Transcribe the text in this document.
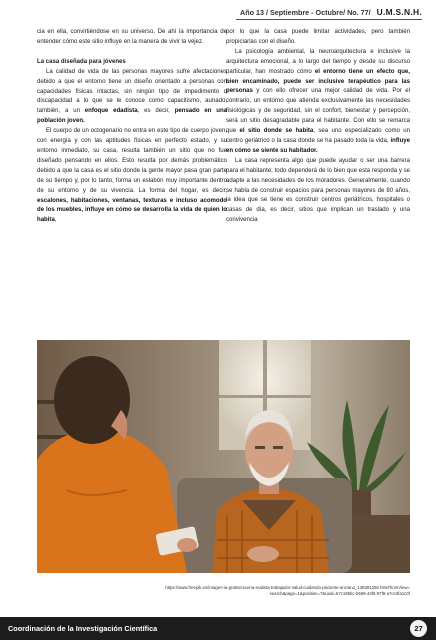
Año 13 / Septiembre - Octubre/ No. 77/ U.M.S.N.H.

cia en ella, convirtiéndose en su universo. De ahí la importancia de entender cómo este sitio influye en la manera de vivir la vejez.

La casa diseñada para jóvenes

La calidad de vida de las personas mayores sufre afectaciones debido a que el entorno tiene un diseño orientado a personas con capacidades físicas intactas, sin ningún tipo de impedimento o discapacidad a lo que se le conoce como capacitismo, aunado, también, a un enfoque edadista, es decir, pensado en una población joven.

El cuerpo de un octogenario no entra en este tipo de cuerpo joven, con energía y con las aptitudes físicas en perfecto estado, y su entorno inmediato, su casa, resulta también un sitio que no fue diseñado pensando en ellos. Esto resulta por demás problemático debido a que la casa es el sitio donde la gente mayor pasa gran parte de su tiempo y, por lo tanto, forma un eslabón muy importante dentro de su entorno y de su vivencia. La forma del hogar, es decir, escalones, habitaciones, ventanas, texturas e incluso acomodo de los muebles, influye en cómo se desarrolla la vida de quien lo habita,

por lo que la casa puede limitar actividades, pero también propiciarlas con el diseño.

La psicología ambiental, la neuroarquitectura e inclusive la arquitectura emocional, a lo largo del tiempo y desde su discurso particular, han mostrado cómo el entorno tiene un efecto que, bien encaminado, puede ser inclusive terapéutico para las personas y con ello ofrecer una mejor calidad de vida. Por el contrario, un entorno que atienda exclusivamente las necesidades fisiológicas y de seguridad, sin el confort, bienestar y percepción, será un sitio desagradable para el habitante. Con ello se remarca que el sitio donde se habita, sea uno especializado como un centro geriátrico o la casa donde se ha pasado toda la vida, influye en cómo se siente su habitador.

La casa representa algo que puede ayudar o ser una barrera para el habitante; todo dependerá de lo bien que esta responda y se adapte a las necesidades de los moradores. Generalmente, cuando se habla de construir espacios para personas mayores de 80 años, la idea que se tiene es construir centros geriátricos, hospitales o casas de día, es decir, sitios que implican un traslado y una convivencia

https://www.freepik.es/imagen-ia-gratis/escena-realista-trabajador-salud-cuidando-paciente-anciano_138381250.htm#fromView=
search&page=1&position=7&uuid=67c195bc-b568-44f5-97f8-a7ce3fa1c0f
Coordinación de la Investigación Científica	27
